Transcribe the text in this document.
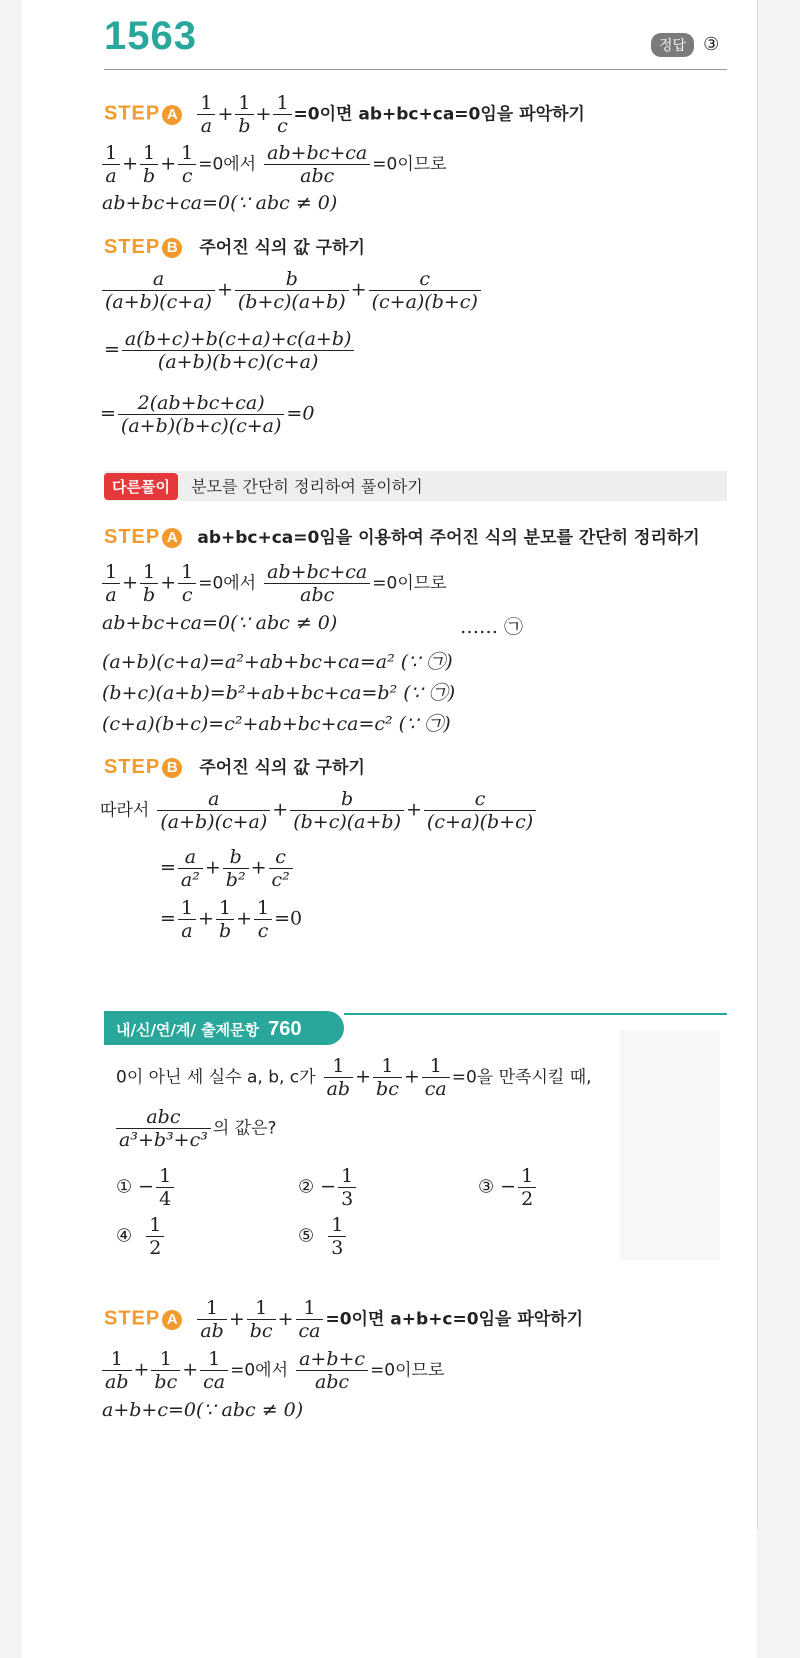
1563	정답 ③
STEP A $\frac{1}{a} + \frac{1}{b} + \frac{1}{c} =0$이면 ab+bc+ca=0임을 파악하기
$\frac{1}{a} + \frac{1}{b} + \frac{1}{c} =0$에서 $\frac{ab+bc+ca}{\text{abc}} =0$이므로
ab+bc+ca=0(∵ abc ≠ 0)
STEP B 주어진 식의 값 구하기
$\frac{a}{(a+b)(c+a)} + \frac{b}{(b+c)(a+b)} + \frac{c}{(c+a)(b+c)}$
= $\frac{a(b+c)+b(c+a)+c(a+b)}{(a+b)(b+c)(c+a)}$
= $\frac{2(ab+bc+ca)}{(a+b)(b+c)(c+a)} =0$
다른풀이 분모를 간단히 정리하여 풀이하기
STEP A ab+bc+ca=0임을 이용하여 주어진 식의 분모를 간단히 정리하기
$\frac{1}{a} + \frac{1}{b} + \frac{1}{c} =0$에서 $\frac{ab+bc+ca}{\text{abc}} =0$이므로
ab+bc+ca=0(∵ abc ≠ 0)	…… ㉠
(a+b)(c+a)=a²+ab+bc+ca=a² (∵ ㉠)
(b+c)(a+b)=b²+ab+bc+ca=b² (∵ ㉠)
(c+a)(b+c)=c²+ab+bc+ca=c² (∵ ㉠)
STEP B 주어진 식의 값 구하기
따라서 $\frac{a}{(a+b)(c+a)} + \frac{b}{(b+c)(a+b)} + \frac{c}{(c+a)(b+c)}$
= $\frac{a}{\text{a²}} + \frac{b}{\text{b²}} + \frac{c}{\text{c²}}$
= $\frac{1}{a} + \frac{1}{b} + \frac{1}{c} =0$
내/신/연/계/ 출제문항 760
0이 아닌 세 실수 a, b, c가 $\frac{1}{ab} + \frac{1}{bc} + \frac{1}{ca} =0$을 만족시킬 때,
$\frac{\text{abc}}{\text{a³+b³+c³}}$ 의 값은?
① − $\frac{1}{4}$	② − $\frac{1}{3}$	③ − $\frac{1}{2}$
④ $\frac{1}{2}$	⑤ $\frac{1}{3}$
STEP A $\frac{1}{ab} + \frac{1}{bc} + \frac{1}{ca} =0$이면 a+b+c=0임을 파악하기
$\frac{1}{ab} + \frac{1}{bc} + \frac{1}{ca} =0$에서 $\frac{a+b+c}{\text{abc}} =0$이므로
a+b+c=0(∵ abc ≠ 0)
